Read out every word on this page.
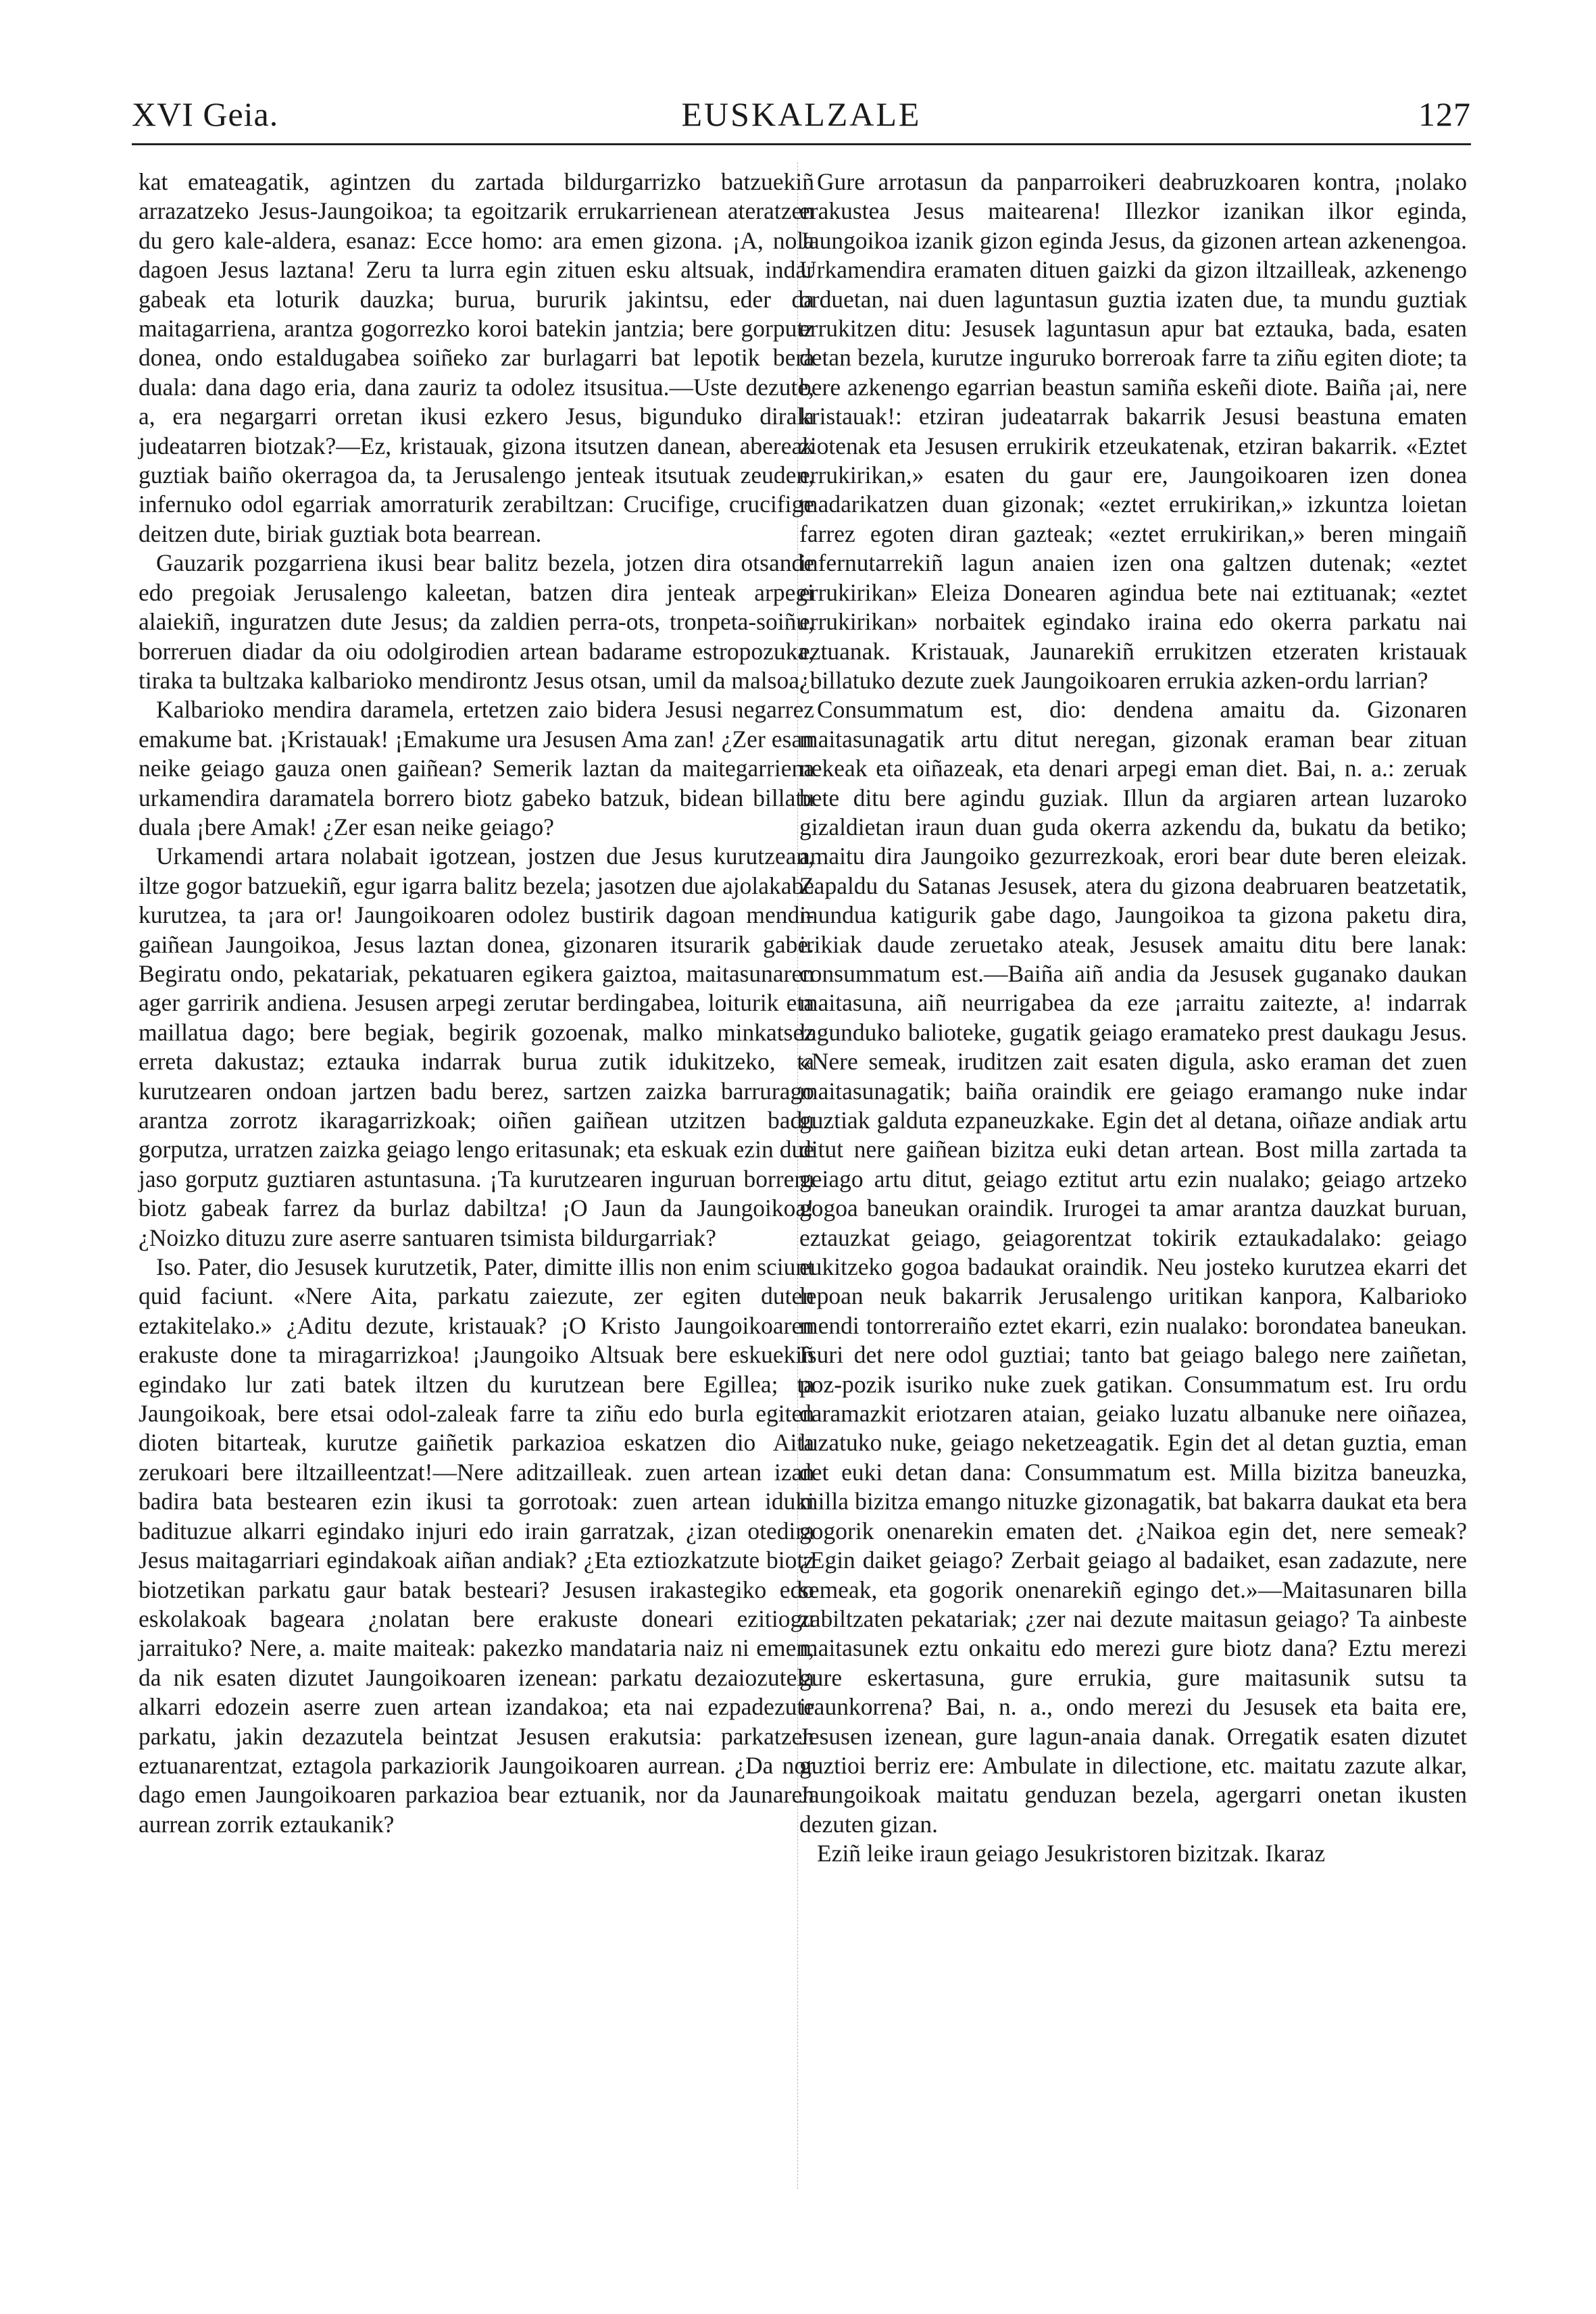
XVI Geia.	EUSKALZALE	127

kat emateagatik, agintzen du zartada bildurgarrizko batzuekiñ arrazatzeko Jesus-Jaungoikoa; ta egoitzarik errukarrienean ateratzen du gero kale-aldera, esanaz: Ecce homo: ara emen gizona. ¡A, nola dagoen Jesus laztana! Zeru ta lurra egin zituen esku altsuak, indar gabeak eta loturik dauzka; burua, bururik jakintsu, eder da maitagarriena, arantza gogorrezko koroi batekin jantzia; bere gorputz donea, ondo estaldugabea soiñeko zar burlagarri bat lepotik bera duala: dana dago eria, dana zauriz ta odolez itsusitua.—Uste dezute, a, era negargarri orretan ikusi ezkero Jesus, bigunduko dirala judeatarren biotzak?—Ez, kristauak, gizona itsutzen danean, abereak guztiak baiño okerragoa da, ta Jerusalengo jenteak itsutuak zeuden, infernuko odol egarriak amorraturik zerabiltzan: Crucifige, crucifige deitzen dute, biriak guztiak bota bearrean.

Gauzarik pozgarriena ikusi bear balitz bezela, jotzen dira otsande edo pregoiak Jerusalengo kaleetan, batzen dira jenteak arpegi alaiekiñ, inguratzen dute Jesus; da zaldien perra-ots, tronpeta-soiñu, borreruen diadar da oiu odolgirodien artean badarame estropozuka, tiraka ta bultzaka kalbarioko mendirontz Jesus otsan, umil da malsoa.

Kalbarioko mendira daramela, ertetzen zaio bidera Jesusi negarrez emakume bat. ¡Kristauak! ¡Emakume ura Jesusen Ama zan! ¿Zer esan neike geiago gauza onen gaiñean? Semerik laztan da maitegarriena urkamendira daramatela borrero biotz gabeko batzuk, bidean billatu duala ¡bere Amak! ¿Zer esan neike geiago?

Urkamendi artara nolabait igotzean, jostzen due Jesus kurutzean, iltze gogor batzuekiñ, egur igarra balitz bezela; jasotzen due ajolakabe kurutzea, ta ¡ara or! Jaungoikoaren odolez bustirik dagoan mendi-gaiñean Jaungoikoa, Jesus laztan donea, gizonaren itsurarik gabe. Begiratu ondo, pekatariak, pekatuaren egikera gaiztoa, maitasunaren ager garririk andiena. Jesusen arpegi zerutar berdingabea, loiturik eta maillatua dago; bere begiak, begirik gozoenak, malko minkatsez erreta dakustaz; eztauka indarrak burua zutik idukitzeko, ta kurutzearen ondoan jartzen badu berez, sartzen zaizka barrurago arantza zorrotz ikaragarrizkoak; oiñen gaiñean utzitzen badu gorputza, urratzen zaizka geiago lengo eritasunak; eta eskuak ezin due jaso gorputz guztiaren astuntasuna. ¡Ta kurutzearen inguruan borreru biotz gabeak farrez da burlaz dabiltza! ¡O Jaun da Jaungoikoa! ¿Noizko dituzu zure aserre santuaren tsimista bildurgarriak?

Iso. Pater, dio Jesusek kurutzetik, Pater, dimitte illis non enim sciunt quid faciunt. «Nere Aita, parkatu zaiezute, zer egiten duten eztakitelako.» ¿Aditu dezute, kristauak? ¡O Kristo Jaungoikoaren erakuste done ta miragarrizkoa! ¡Jaungoiko Altsuak bere eskuekiñ egindako lur zati batek iltzen du kurutzean bere Egillea; ta Jaungoikoak, bere etsai odol-zaleak farre ta ziñu edo burla egiten dioten bitarteak, kurutze gaiñetik parkazioa eskatzen dio Aita zerukoari bere iltzailleentzat!—Nere aditzailleak. zuen artean izan badira bata bestearen ezin ikusi ta gorrotoak: zuen artean iduki badituzue alkarri egindako injuri edo irain garratzak, ¿izan otedira Jesus maitagarriari egindakoak aiñan andiak? ¿Eta eztiozkatzute biotz biotzetikan parkatu gaur batak besteari? Jesusen irakastegiko edo eskolakoak bageara ¿nolatan bere erakuste doneari ezitiogu jarraituko? Nere, a. maite maiteak: pakezko mandataria naiz ni emen, da nik esaten dizutet Jaungoikoaren izenean: parkatu dezaiozutela alkarri edozein aserre zuen artean izandakoa; eta nai ezpadezute parkatu, jakin dezazutela beintzat Jesusen erakutsia: parkatzen eztuanarentzat, eztagola parkaziorik Jaungoikoaren aurrean. ¿Da nor dago emen Jaungoikoaren parkazioa bear eztuanik, nor da Jaunaren aurrean zorrik eztaukanik?

Gure arrotasun da panparroikeri deabruzkoaren kontra, ¡nolako erakustea Jesus maitearena! Illezkor izanikan ilkor eginda, Jaungoikoa izanik gizon eginda Jesus, da gizonen artean azkenengoa. Urkamendira eramaten dituen gaizki da gizon iltzailleak, azkenengo orduetan, nai duen laguntasun guztia izaten due, ta mundu guztiak errukitzen ditu: Jesusek laguntasun apur bat eztauka, bada, esaten detan bezela, kurutze inguruko borreroak farre ta ziñu egiten diote; ta bere azkenengo egarrian beastun samiña eskeñi diote. Baiña ¡ai, nere kristauak!: etziran judeatarrak bakarrik Jesusi beastuna ematen ziotenak eta Jesusen errukirik etzeukatenak, etziran bakarrik. «Eztet errukirikan,» esaten du gaur ere, Jaungoikoaren izen donea madarikatzen duan gizonak; «eztet errukirikan,» izkuntza loietan farrez egoten diran gazteak; «eztet errukirikan,» beren mingaiñ infernutarrekiñ lagun anaien izen ona galtzen dutenak; «eztet errukirikan» Eleiza Donearen agindua bete nai eztituanak; «eztet errukirikan» norbaitek egindako iraina edo okerra parkatu nai eztuanak. Kristauak, Jaunarekiñ errukitzen etzeraten kristauak ¿billatuko dezute zuek Jaungoikoaren errukia azken-ordu larrian?

Consummatum est, dio: dendena amaitu da. Gizonaren maitasunagatik artu ditut neregan, gizonak eraman bear zituan nekeak eta oiñazeak, eta denari arpegi eman diet. Bai, n. a.: zeruak bete ditu bere agindu guziak. Illun da argiaren artean luzaroko gizaldietan iraun duan guda okerra azkendu da, bukatu da betiko; amaitu dira Jaungoiko gezurrezkoak, erori bear dute beren eleizak. Zapaldu du Satanas Jesusek, atera du gizona deabruaren beatzetatik, mundua katigurik gabe dago, Jaungoikoa ta gizona paketu dira, irikiak daude zeruetako ateak, Jesusek amaitu ditu bere lanak: consummatum est.—Baiña aiñ andia da Jesusek guganako daukan maitasuna, aiñ neurrigabea da eze ¡arraitu zaitezte, a! indarrak lagunduko balioteke, gugatik geiago eramateko prest daukagu Jesus. «Nere semeak, iruditzen zait esaten digula, asko eraman det zuen maitasunagatik; baiña oraindik ere geiago eramango nuke indar guztiak galduta ezpaneuzkake. Egin det al detana, oiñaze andiak artu ditut nere gaiñean bizitza euki detan artean. Bost milla zartada ta geiago artu ditut, geiago eztitut artu ezin nualako; geiago artzeko gogoa baneukan oraindik. Irurogei ta amar arantza dauzkat buruan, eztauzkat geiago, geiagorentzat tokirik eztaukadalako: geiago eukitzeko gogoa badaukat oraindik. Neu josteko kurutzea ekarri det lepoan neuk bakarrik Jerusalengo uritikan kanpora, Kalbarioko mendi tontorreraiño eztet ekarri, ezin nualako: borondatea baneukan. Isuri det nere odol guztiai; tanto bat geiago balego nere zaiñetan, poz-pozik isuriko nuke zuek gatikan. Consummatum est. Iru ordu daramazkit eriotzaren ataian, geiako luzatu albanuke nere oiñazea, luzatuko nuke, geiago neketzeagatik. Egin det al detan guztia, eman det euki detan dana: Consummatum est. Milla bizitza baneuzka, milla bizitza emango nituzke gizonagatik, bat bakarra daukat eta bera gogorik onenarekin ematen det. ¿Naikoa egin det, nere semeak? ¿Egin daiket geiago? Zerbait geiago al badaiket, esan zadazute, nere semeak, eta gogorik onenarekiñ egingo det.»—Maitasunaren billa zabiltzaten pekatariak; ¿zer nai dezute maitasun geiago? Ta ainbeste maitasunek eztu onkaitu edo merezi gure biotz dana? Eztu merezi gure eskertasuna, gure errukia, gure maitasunik sutsu ta iraunkorrena? Bai, n. a., ondo merezi du Jesusek eta baita ere, Jesusen izenean, gure lagun-anaia danak. Orregatik esaten dizutet guztioi berriz ere: Ambulate in dilectione, etc. maitatu zazute alkar, Jaungoikoak maitatu genduzan bezela, agergarri onetan ikusten dezuten gizan.

Eziñ leike iraun geiago Jesukristoren bizitzak. Ikaraz
